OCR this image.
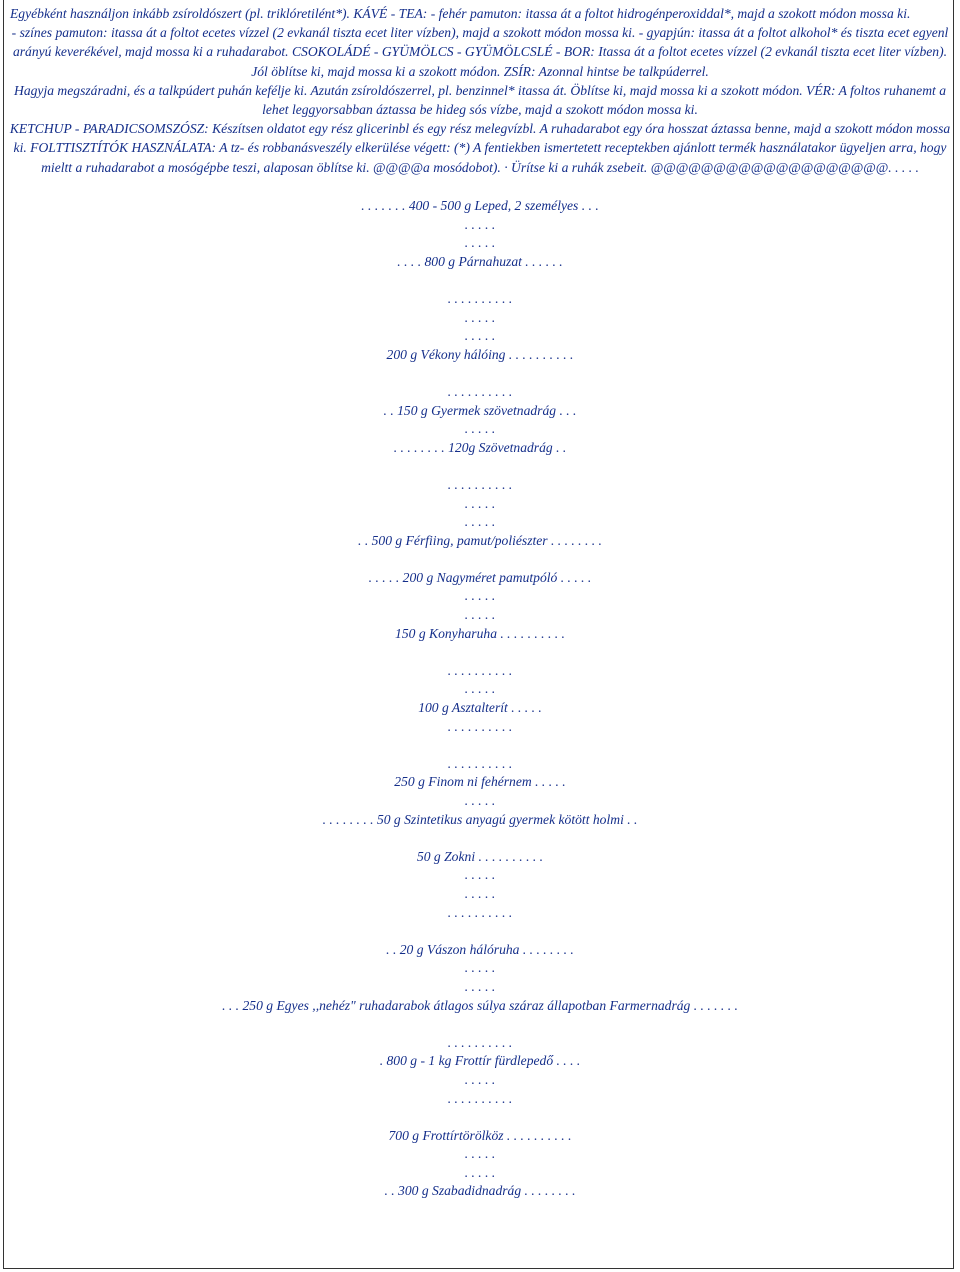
Egyébként használjon inkább zsíroldószert (pl. triklóretilént*). KÁVÉ - TEA: - fehér pamuton: itassa át a foltot hidrogénperoxiddal*, majd a szokott módon mossa ki.

- színes pamuton: itassa át a foltot ecetes vízzel (2 evkanál tiszta ecet liter vízben), majd a szokott módon mossa ki. - gyapjún: itassa át a foltot alkohol* és tiszta ecet egyenl arányú keverékével, majd mossa ki a ruhadarabot. CSOKOLÁDÉ - GYÜMÖLCS - GYÜMÖLCSLÉ - BOR: Itassa át a foltot ecetes vízzel (2 evkanál tiszta ecet liter vízben). Jól öblítse ki, majd mossa ki a szokott módon. ZSÍR: Azonnal hintse be talkpúderrel.

Hagyja megszáradni, és a talkpúdert puhán kefélje ki. Azután zsíroldószerrel, pl. benzinnel* itassa át. Öblítse ki, majd mossa ki a szokott módon. VÉR: A foltos ruhanemt a lehet leggyorsabban áztassa be hideg sós vízbe, majd a szokott módon mossa ki.

KETCHUP - PARADICSOMSZÓSZ: Készítsen oldatot egy rész glicerinbl és egy rész melegvízbl. A ruhadarabot egy óra hosszat áztassa benne, majd a szokott módon mossa ki. FOLTTISZTÍTÓK HASZNÁLATA: A tz- és robbanásveszély elkerülése végett: (*) A fentiekben ismertetett receptekben ajánlott termék használatakor ügyeljen arra, hogy mieltt a ruhadarabot a mosógépbe teszi, alaposan öblítse ki. @@@@a mosódobot). · Ürítse ki a ruhák zsebeit. @@@@@@@@@@@@@@@@@@@. . . . .

. . . . . . . 400 - 500 g Leped, 2 személyes . . .
. . . . .
. . . . .
. . . . 800 g Párnahuzat . . . . . .
. . . . . . . . . .
. . . . .
. . . . .
200 g Vékony hálóing . . . . . . . . . .
. . . . . . . . . .
. . 150 g Gyermek szövetnadrág . . .
. . . . .
. . . . . . . . 120g Szövetnadrág . .
. . . . . . . . . .
. . . . .
. . . . .
. . 500 g Férfiing, pamut/poliészter . . . . . . . .
. . . . . 200 g Nagyméret pamutpóló . . . . .
. . . . .
. . . . .
150 g Konyharuha . . . . . . . . . .
. . . . . . . . . .
. . . . .
100 g Asztalterít . . . . .
. . . . . . . . . .
. . . . . . . . . .
250 g Finom ni fehérnem . . . . .
. . . . .
. . . . . . . . 50 g Szintetikus anyagú gyermek kötött holmi . .
50 g Zokni . . . . . . . . . .
. . . . .
. . . . .
. . . . . . . . . .
. . 20 g Vászon hálóruha . . . . . . . .
. . . . .
. . . . .
. . . 250 g Egyes ,,nehéz" ruhadarabok átlagos súlya száraz állapotban Farmernadrág . . . . . . .
. . . . . . . . . .
. 800 g - 1 kg Frottír fürdlepedő . . . .
. . . . .
. . . . . . . . . .
700 g Frottírtörölköz . . . . . . . . . .
. . . . .
. . . . .
. . 300 g Szabadidnadrág . . . . . . . .
